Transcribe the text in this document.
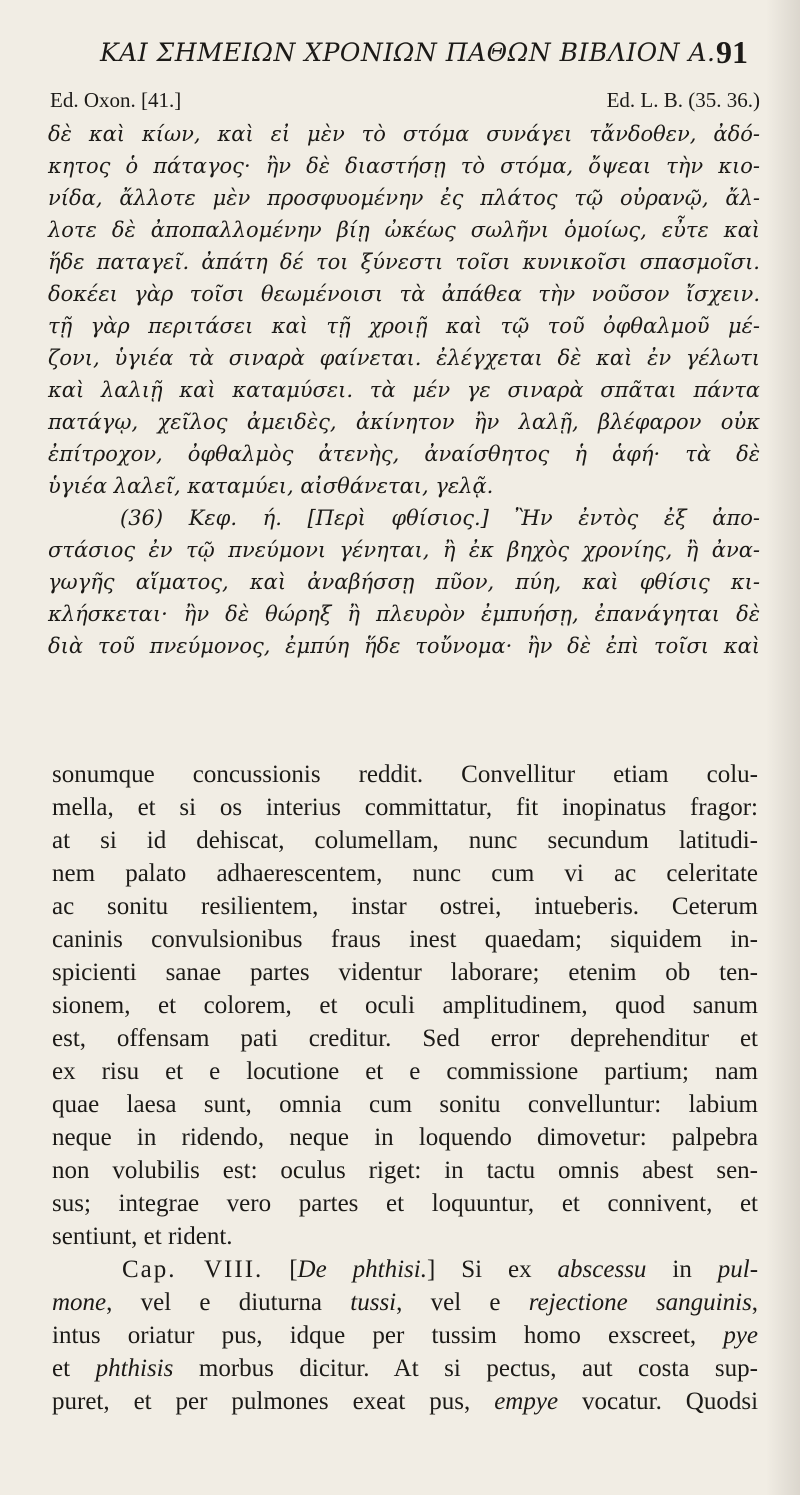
ΚΑΙ ΣΗΜΕΙΩΝ ΧΡΟΝΙΩΝ ΠΑΘΩΝ ΒΙΒΛΙΟΝ Α. 91
Ed. Oxon. [41.]	Ed. L. B. (35. 36.)
δὲ καὶ κίων, καὶ εἰ μὲν τὸ στόμα συνάγει τἄνδοθεν, ἀδό-
κητος ὁ πάταγος· ἢν δὲ διαστήσῃ τὸ στόμα, ὄψεαι τὴν κιο-
νίδα, ἄλλοτε μὲν προσφυομένην ἐς πλάτος τῷ οὐρανῷ, ἄλ-
λοτε δὲ ἀποπαλλομένην βίῃ ὠκέως σωλῆνι ὁμοίως, εὖτε καὶ
ἥδε παταγεῖ. ἀπάτη δέ τοι ξύνεστι τοῖσι κυνικοῖσι σπασμοῖσι.
δοκέει γὰρ τοῖσι θεωμένοισι τὰ ἀπάθεα τὴν νοῦσον ἴσχειν.
τῇ γὰρ περιτάσει καὶ τῇ χροιῇ καὶ τῷ τοῦ ὀφθαλμοῦ μέ-
ζονι, ὑγιέα τὰ σιναρὰ φαίνεται. ἐλέγχεται δὲ καὶ ἐν γέλωτι
καὶ λαλιῇ καὶ καταμύσει. τὰ μέν γε σιναρὰ σπᾶται πάντα
πατάγῳ, χεῖλος ἀμειδὲς, ἀκίνητον ἢν λαλῇ, βλέφαρον οὐκ
ἐπίτροχον, ὀφθαλμὸς ἀτενὴς, ἀναίσθητος ἡ ἁφή· τὰ δὲ
ὑγιέα λαλεῖ, καταμύει, αἰσθάνεται, γελᾷ.
(36) Κεφ. ή. [Περὶ φθίσιος.] Ἢν ἐντὸς ἐξ ἀπο-
στάσιος ἐν τῷ πνεύμονι γένηται, ἢ ἐκ βηχὸς χρονίης, ἢ ἀνα-
γωγῆς αἵματος, καὶ ἀναβήσσῃ πῦον, πύη, καὶ φθίσις κι-
κλήσκεται· ἢν δὲ θώρηξ ἢ πλευρὸν ἐμπυήσῃ, ἐπανάγηται δὲ
διὰ τοῦ πνεύμονος, ἐμπύη ἥδε τοὔνομα· ἢν δὲ ἐπὶ τοῖσι καὶ
sonumque concussionis reddit. Convellitur etiam colu-
mella, et si os interius committatur, fit inopinatus fragor:
at si id dehiscat, columellam, nunc secundum latitudi-
nem palato adhaerescentem, nunc cum vi ac celeritate
ac sonitu resilientem, instar ostrei, intueberis. Ceterum
caninis convulsionibus fraus inest quaedam; siquidem in-
spicienti sanae partes videntur laborare; etenim ob ten-
sionem, et colorem, et oculi amplitudinem, quod sanum
est, offensam pati creditur. Sed error deprehenditur et
ex risu et e locutione et e commissione partium; nam
quae laesa sunt, omnia cum sonitu convelluntur: labium
neque in ridendo, neque in loquendo dimovetur: palpebra
non volubilis est: oculus riget: in tactu omnis abest sen-
sus; integrae vero partes et loquuntur, et connivent, et
sentiunt, et rident.
Cap. VIII. [De phthisi.] Si ex abscessu in pul-
mone, vel e diuturna tussi, vel e rejectione sanguinis,
intus oriatur pus, idque per tussim homo exscreet, pye
et phthisis morbus dicitur. At si pectus, aut costa sup-
puret, et per pulmones exeat pus, empye vocatur. Quodsi
